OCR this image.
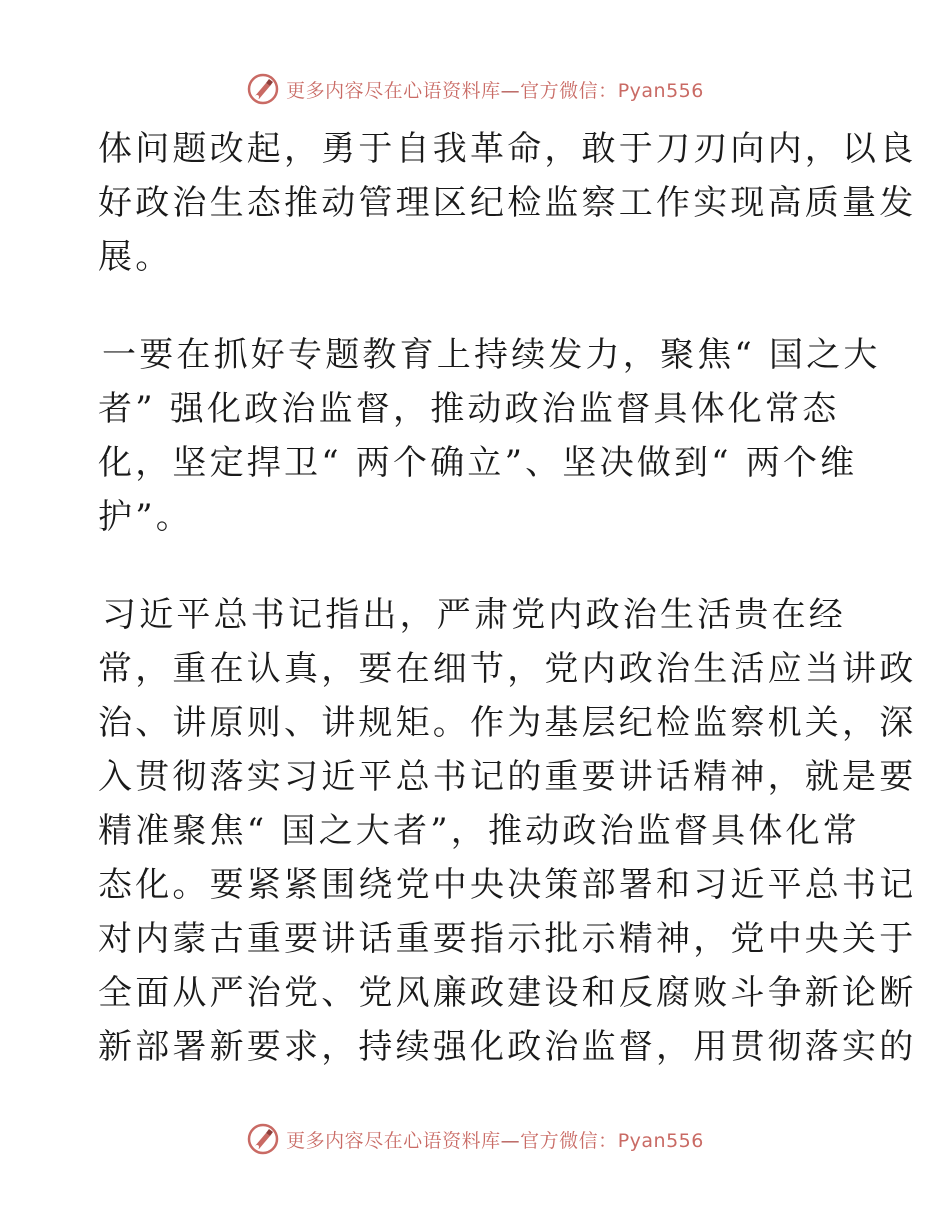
更多内容尽在心语资料库—官方微信：Pyan556
体问题改起，勇于自我革命，敢于刀刃向内，以良
好政治生态推动管理区纪检监察工作实现高质量发
展。
一要在抓好专题教育上持续发力，聚焦“ 国之大
者” 强化政治监督，推动政治监督具体化常态
化，坚定捍卫“ 两个确立”、坚决做到“ 两个维
护”。
习近平总书记指出，严肃党内政治生活贵在经
常，重在认真，要在细节，党内政治生活应当讲政
治、讲原则、讲规矩。作为基层纪检监察机关，深
入贯彻落实习近平总书记的重要讲话精神，就是要
精准聚焦“ 国之大者”，推动政治监督具体化常
态化。要紧紧围绕党中央决策部署和习近平总书记
对内蒙古重要讲话重要指示批示精神，党中央关于
全面从严治党、党风廉政建设和反腐败斗争新论断
新部署新要求，持续强化政治监督，用贯彻落实的
更多内容尽在心语资料库—官方微信：Pyan556
